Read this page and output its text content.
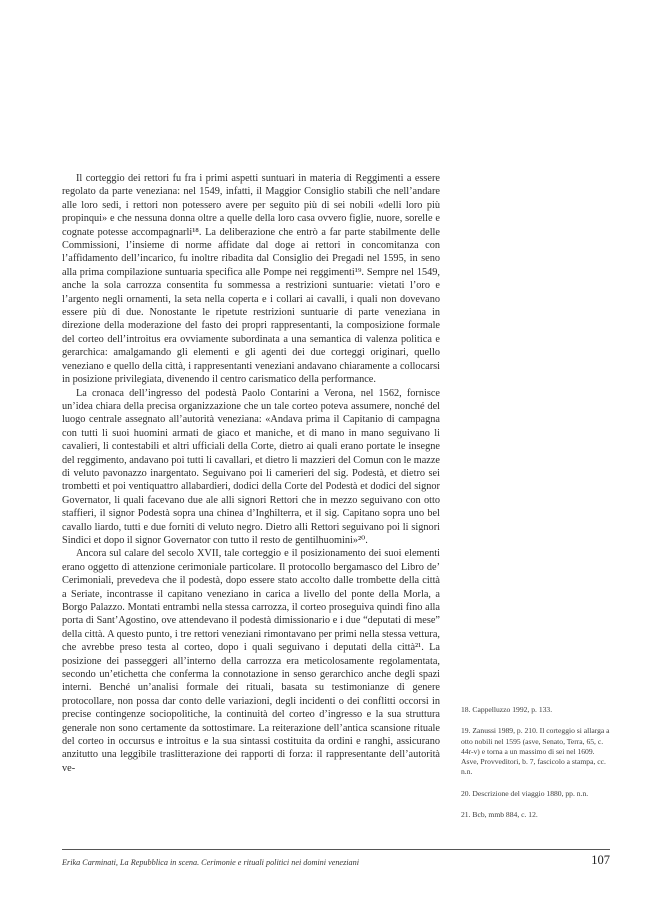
Il corteggio dei rettori fu fra i primi aspetti suntuari in materia di Reggimenti a essere regolato da parte veneziana: nel 1549, infatti, il Maggior Consiglio stabilì che nell’andare alle loro sedi, i rettori non potessero avere per seguito più di sei nobili «delli loro più propinqui» e che nessuna donna oltre a quelle della loro casa ovvero figlie, nuore, sorelle e cognate potesse accompagnarli¹⁸. La deliberazione che entrò a far parte stabilmente delle Commissioni, l’insieme di norme affidate dal doge ai rettori in concomitanza con l’affidamento dell’incarico, fu inoltre ribadita dal Consiglio dei Pregadi nel 1595, in seno alla prima compilazione suntuaria specifica alle Pompe nei reggimenti¹⁹. Sempre nel 1549, anche la sola carrozza consentita fu sommessa a restrizioni suntuarie: vietati l’oro e l’argento negli ornamenti, la seta nella coperta e i collari ai cavalli, i quali non dovevano essere più di due. Nonostante le ripetute restrizioni suntuarie di parte veneziana in direzione della moderazione del fasto dei propri rappresentanti, la composizione formale del corteo dell’introitus era ovviamente subordinata a una semantica di valenza politica e gerarchica: amalgamando gli elementi e gli agenti dei due corteggi originari, quello veneziano e quello della città, i rappresentanti veneziani andavano chiaramente a collocarsi in posizione privilegiata, divenendo il centro carismatico della performance.

La cronaca dell’ingresso del podestà Paolo Contarini a Verona, nel 1562, fornisce un’idea chiara della precisa organizzazione che un tale corteo poteva assumere, nonché del luogo centrale assegnato all’autorità veneziana: «Andava prima il Capitanio di campagna con tutti li suoi huomini armati de giaco et maniche, et di mano in mano seguivano li cavalieri, li contestabili et altri ufficiali della Corte, dietro ai quali erano portate le insegne del reggimento, andavano poi tutti li cavallari, et dietro li mazzieri del Comun con le mazze di veluto pavonazzo inargentato. Seguivano poi li camerieri del sig. Podestà, et dietro sei trombetti et poi ventiquattro allabardieri, dodici della Corte del Podestà et dodici del signor Governator, li quali facevano due ale alli signori Rettori che in mezzo seguivano con otto staffieri, il signor Podestà sopra una chinea d’Inghilterra, et il sig. Capitano sopra uno bel cavallo liardo, tutti e due forniti di veluto negro. Dietro alli Rettori seguivano poi li signori Sindici et dopo il signor Governator con tutto il resto de gentilhuomini»²⁰.

Ancora sul calare del secolo XVII, tale corteggio e il posizionamento dei suoi elementi erano oggetto di attenzione cerimoniale particolare. Il protocollo bergamasco del Libro de’ Cerimoniali, prevedeva che il podestà, dopo essere stato accolto dalle trombette della città a Seriate, incontrasse il capitano veneziano in carica a livello del ponte della Morla, a Borgo Palazzo. Montati entrambi nella stessa carrozza, il corteo proseguiva quindi fino alla porta di Sant’Agostino, ove attendevano il podestà dimissionario e i due “deputati di mese” della città. A questo punto, i tre rettori veneziani rimontavano per primi nella stessa vettura, che avrebbe preso testa al corteo, dopo i quali seguivano i deputati della città²¹. La posizione dei passeggeri all’interno della carrozza era meticolosamente regolamentata, secondo un’etichetta che conferma la connotazione in senso gerarchico anche degli spazi interni. Benché un’analisi formale dei rituali, basata su testimonianze di genere protocollare, non possa dar conto delle variazioni, degli incidenti o dei conflitti occorsi in precise contingenze sociopolitiche, la continuità del corteo d’ingresso e la sua struttura generale non sono certamente da sottostimare. La reiterazione dell’antica scansione rituale del corteo in occursus e introitus e la sua sintassi costituita da ordini e ranghi, assicurano anzitutto una leggibile traslitterazione dei rapporti di forza: il rappresentante dell’autorità ve-

18. Cappelluzzo 1992, p. 133.
19. Zanussi 1989, p. 210. Il corteggio si allarga a otto nobili nel 1595 (asve, Senato, Terra, 65, c. 44r-v) e torna a un massimo di sei nel 1609. Asve, Provveditori, b. 7, fascicolo a stampa, cc. n.n.
20. Descrizione del viaggio 1880, pp. n.n.
21. Bcb, mmb 884, c. 12.
Erika Carminati, La Repubblica in scena. Cerimonie e rituali politici nei domini veneziani	107
